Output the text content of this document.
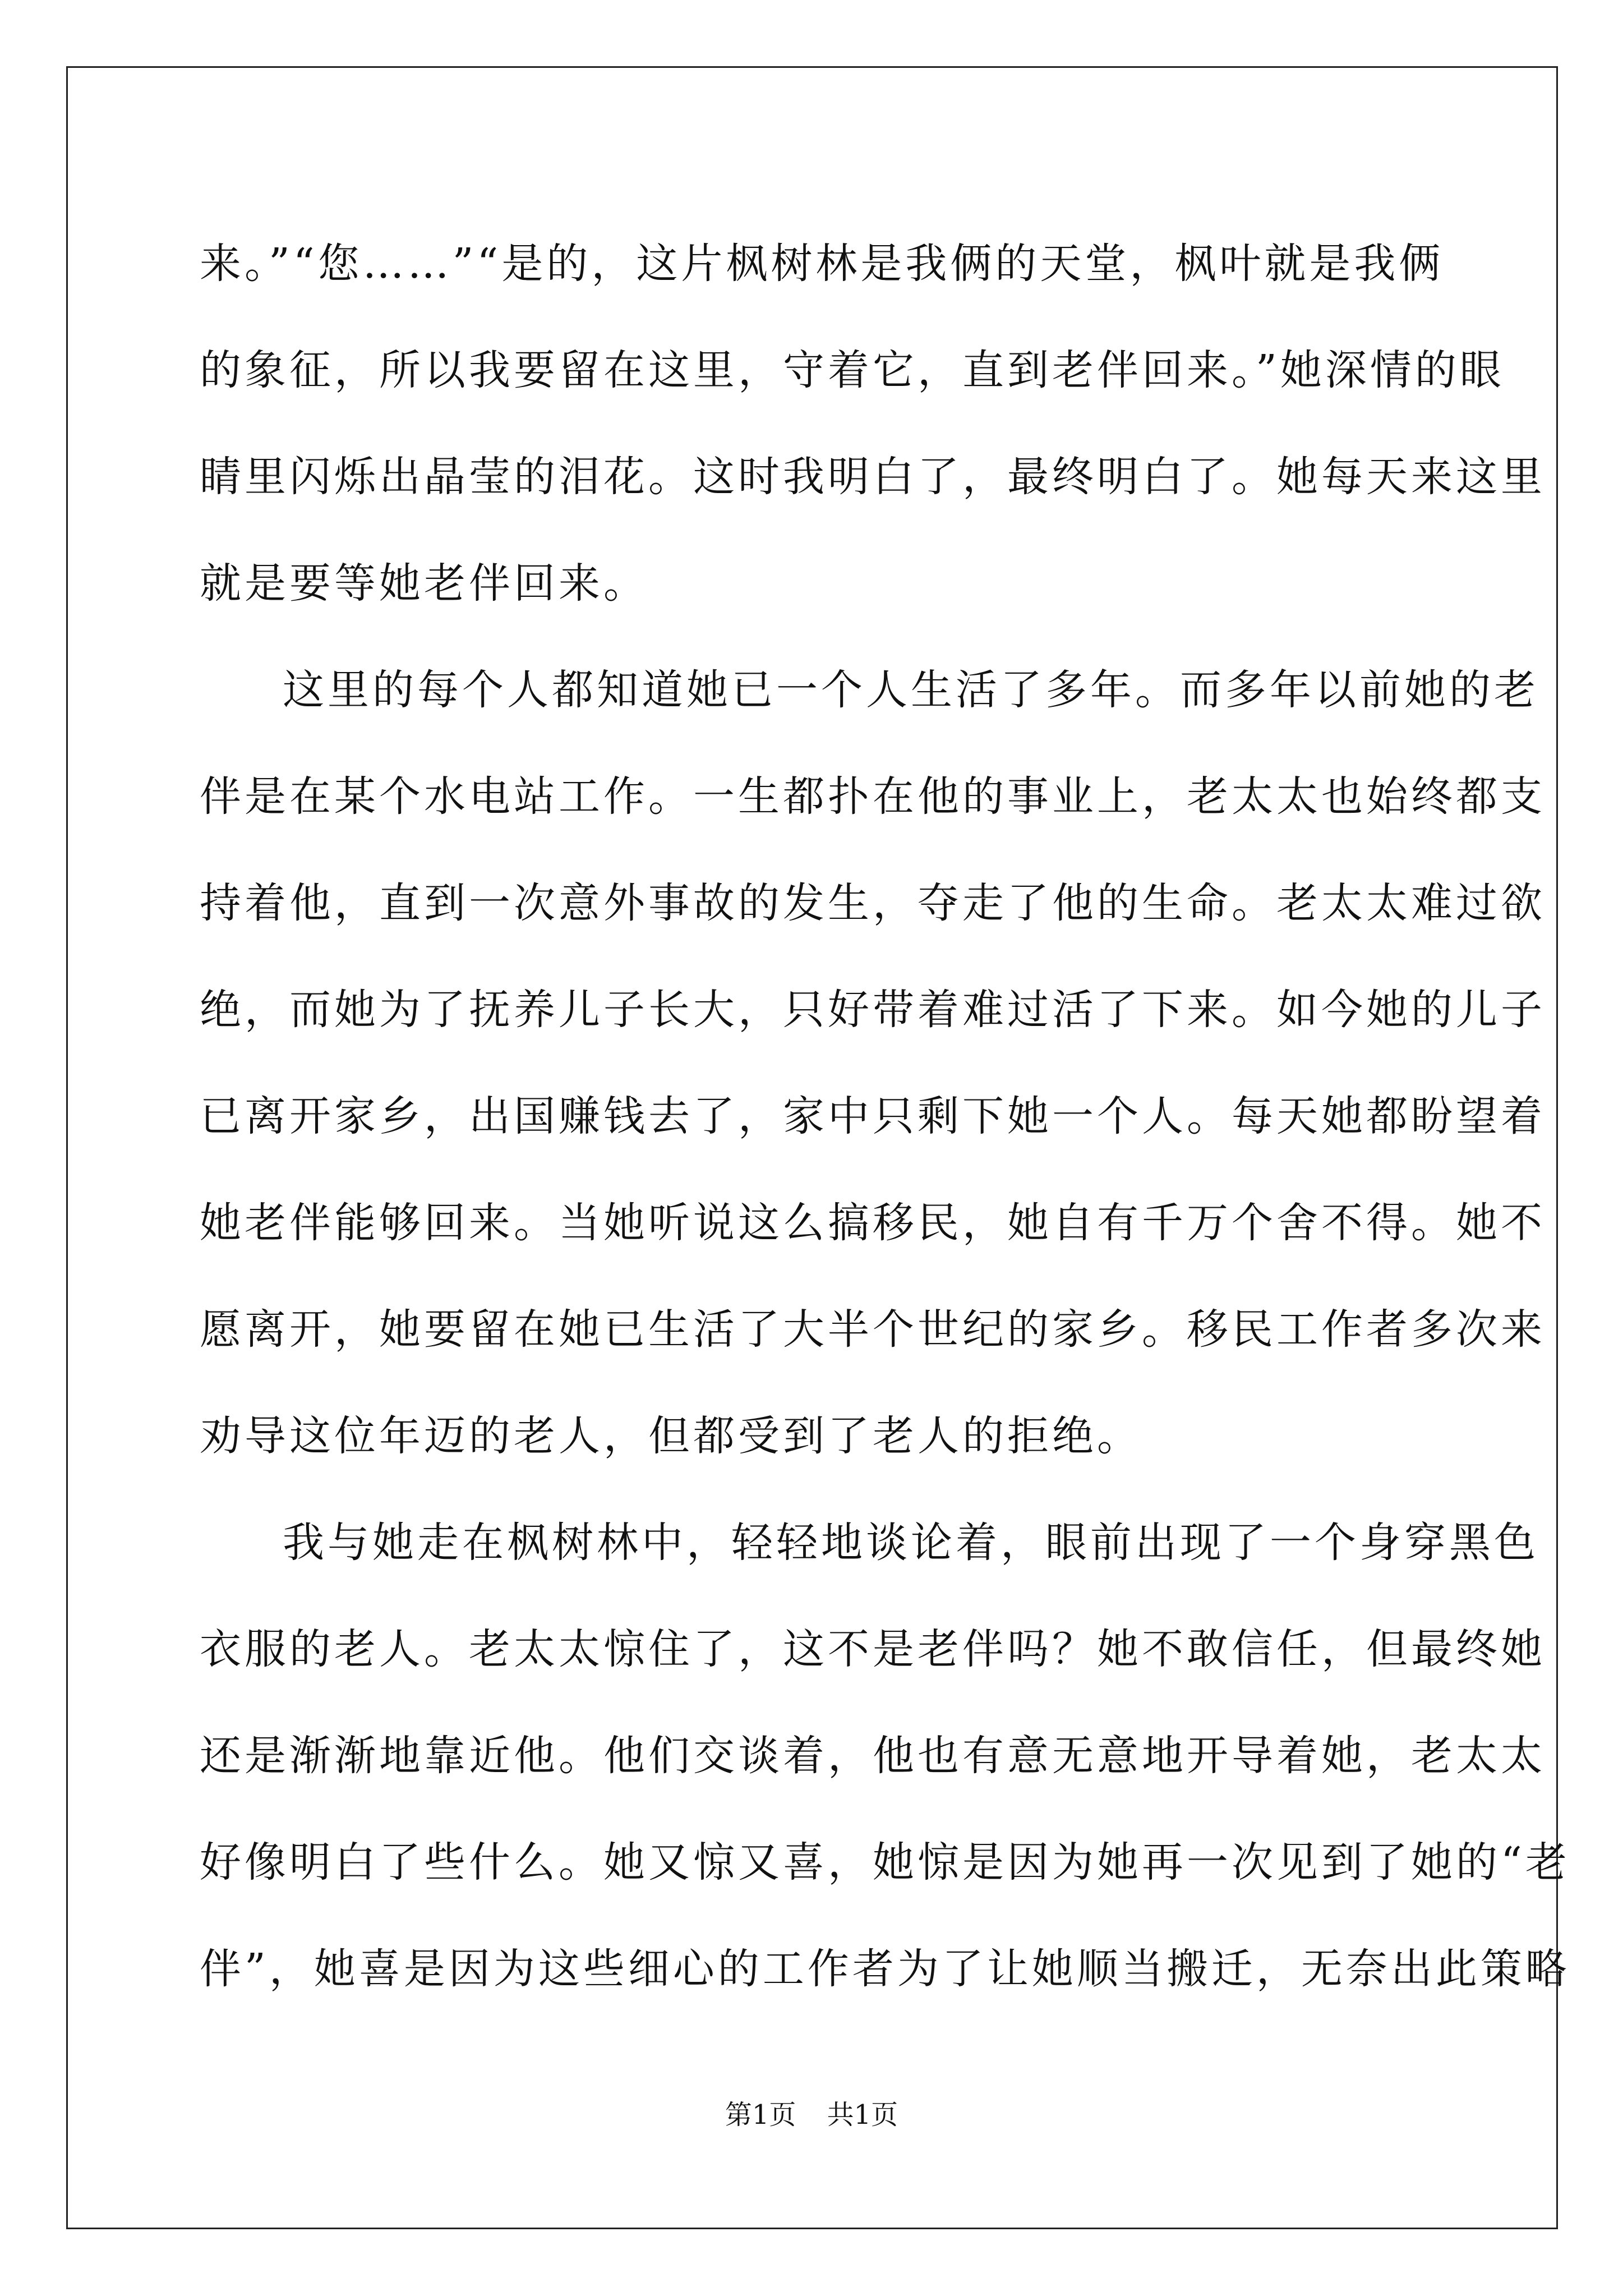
来。”“您……”“是的，这片枫树林是我俩的天堂，枫叶就是我俩
的象征，所以我要留在这里，守着它，直到老伴回来。”她深情的眼
睛里闪烁出晶莹的泪花。这时我明白了，最终明白了。她每天来这里
就是要等她老伴回来。
这里的每个人都知道她已一个人生活了多年。而多年以前她的老
伴是在某个水电站工作。一生都扑在他的事业上，老太太也始终都支
持着他，直到一次意外事故的发生，夺走了他的生命。老太太难过欲
绝，而她为了抚养儿子长大，只好带着难过活了下来。如今她的儿子
已离开家乡，出国赚钱去了，家中只剩下她一个人。每天她都盼望着
她老伴能够回来。当她听说这么搞移民，她自有千万个舍不得。她不
愿离开，她要留在她已生活了大半个世纪的家乡。移民工作者多次来
劝导这位年迈的老人，但都受到了老人的拒绝。
我与她走在枫树林中，轻轻地谈论着，眼前出现了一个身穿黑色
衣服的老人。老太太惊住了，这不是老伴吗？她不敢信任，但最终她
还是渐渐地靠近他。他们交谈着，他也有意无意地开导着她，老太太
好像明白了些什么。她又惊又喜，她惊是因为她再一次见到了她的“老
伴”，她喜是因为这些细心的工作者为了让她顺当搬迁，无奈出此策略
第1页 共1页
